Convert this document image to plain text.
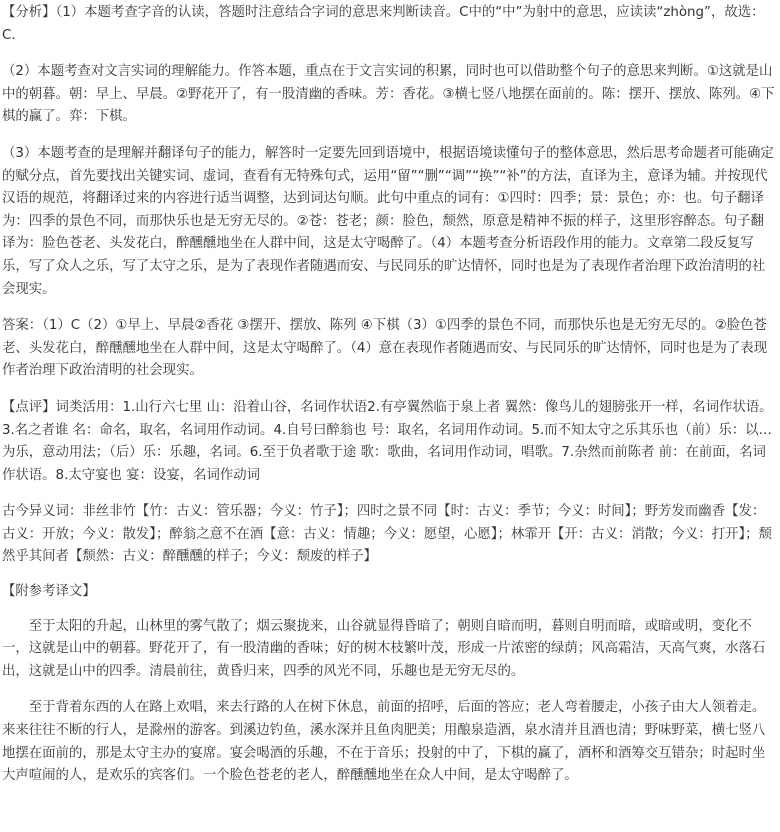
【分析】（1）本题考查字音的认读，答题时注意结合字词的意思来判断读音。C中的“中”为射中的意思，应读读“zhòng”，故选：C.

（2）本题考查对文言实词的理解能力。作答本题，重点在于文言实词的积累，同时也可以借助整个句子的意思来判断。①这就是山中的朝暮。朝：早上、早晨。②野花开了，有一股清幽的香味。芳：香花。③横七竖八地摆在面前的。陈：摆开、摆放、陈列。④下棋的赢了。弈：下棋。

（3）本题考查的是理解并翻译句子的能力，解答时一定要先回到语境中，根据语境读懂句子的整体意思，然后思考命题者可能确定的赋分点，首先要找出关键实词、虚词，查看有无特殊句式，运用“留”“删”“调”“换”“补”的方法，直译为主，意译为辅。并按现代汉语的规范，将翻译过来的内容进行适当调整，达到词达句顺。此句中重点的词有：①四时：四季；景：景色；亦：也。句子翻译为：四季的景色不同，而那快乐也是无穷无尽的。②苍：苍老；颜：脸色，颓然，原意是精神不振的样子，这里形容醉态。句子翻译为：脸色苍老、头发花白，醉醺醺地坐在人群中间，这是太守喝醉了。（4）本题考查分析语段作用的能力。文章第二段反复写乐，写了众人之乐，写了太守之乐，是为了表现作者随遇而安、与民同乐的旷达情怀，同时也是为了表现作者治理下政治清明的社会现实。

答案：（1）C（2）①早上、早晨②香花 ③摆开、摆放、陈列 ④下棋（3）①四季的景色不同，而那快乐也是无穷无尽的。②脸色苍老、头发花白，醉醺醺地坐在人群中间，这是太守喝醉了。（4）意在表现作者随遇而安、与民同乐的旷达情怀，同时也是为了表现作者治理下政治清明的社会现实。

【点评】词类活用：1.山行六七里 山：沿着山谷，名词作状语2.有亭翼然临于泉上者 翼然：像鸟儿的翅膀张开一样，名词作状语。3.名之者谁 名：命名，取名，名词用作动词。4.自号曰醉翁也 号：取名，名词用作动词。5.而不知太守之乐其乐也（前）乐：以…为乐，意动用法；（后）乐：乐趣，名词。6.至于负者歌于途 歌：歌曲，名词用作动词，唱歌。7.杂然而前陈者 前：在前面，名词作状语。8.太守宴也 宴：设宴，名词作动词

古今异义词：非丝非竹【竹：古义：管乐器；今义：竹子】；四时之景不同【时：古义：季节；今义：时间】；野芳发而幽香【发：古义：开放；今义：散发】；醉翁之意不在酒【意：古义：情趣；今义：愿望，心愿】；林霏开【开：古义：消散；今义：打开】；颓然乎其间者【颓然：古义：醉醺醺的样子；今义：颓废的样子】

【附参考译文】

至于太阳的升起，山林里的雾气散了；烟云聚拢来，山谷就显得昏暗了；朝则自暗而明，暮则自明而暗，或暗或明，变化不一，这就是山中的朝暮。野花开了，有一股清幽的香味；好的树木枝繁叶茂，形成一片浓密的绿荫；风高霜洁，天高气爽，水落石出，这就是山中的四季。清晨前往，黄昏归来，四季的风光不同，乐趣也是无穷无尽的。

至于背着东西的人在路上欢唱，来去行路的人在树下休息，前面的招呼，后面的答应；老人弯着腰走，小孩子由大人领着走。来来往往不断的行人，是滁州的游客。到溪边钓鱼，溪水深并且鱼肉肥美；用酿泉造酒，泉水清并且酒也清；野味野菜，横七竖八地摆在面前的，那是太守主办的宴席。宴会喝酒的乐趣，不在于音乐；投射的中了，下棋的赢了，酒杯和酒筹交互错杂；时起时坐大声喧闹的人，是欢乐的宾客们。一个脸色苍老的老人，醉醺醺地坐在众人中间，是太守喝醉了。
